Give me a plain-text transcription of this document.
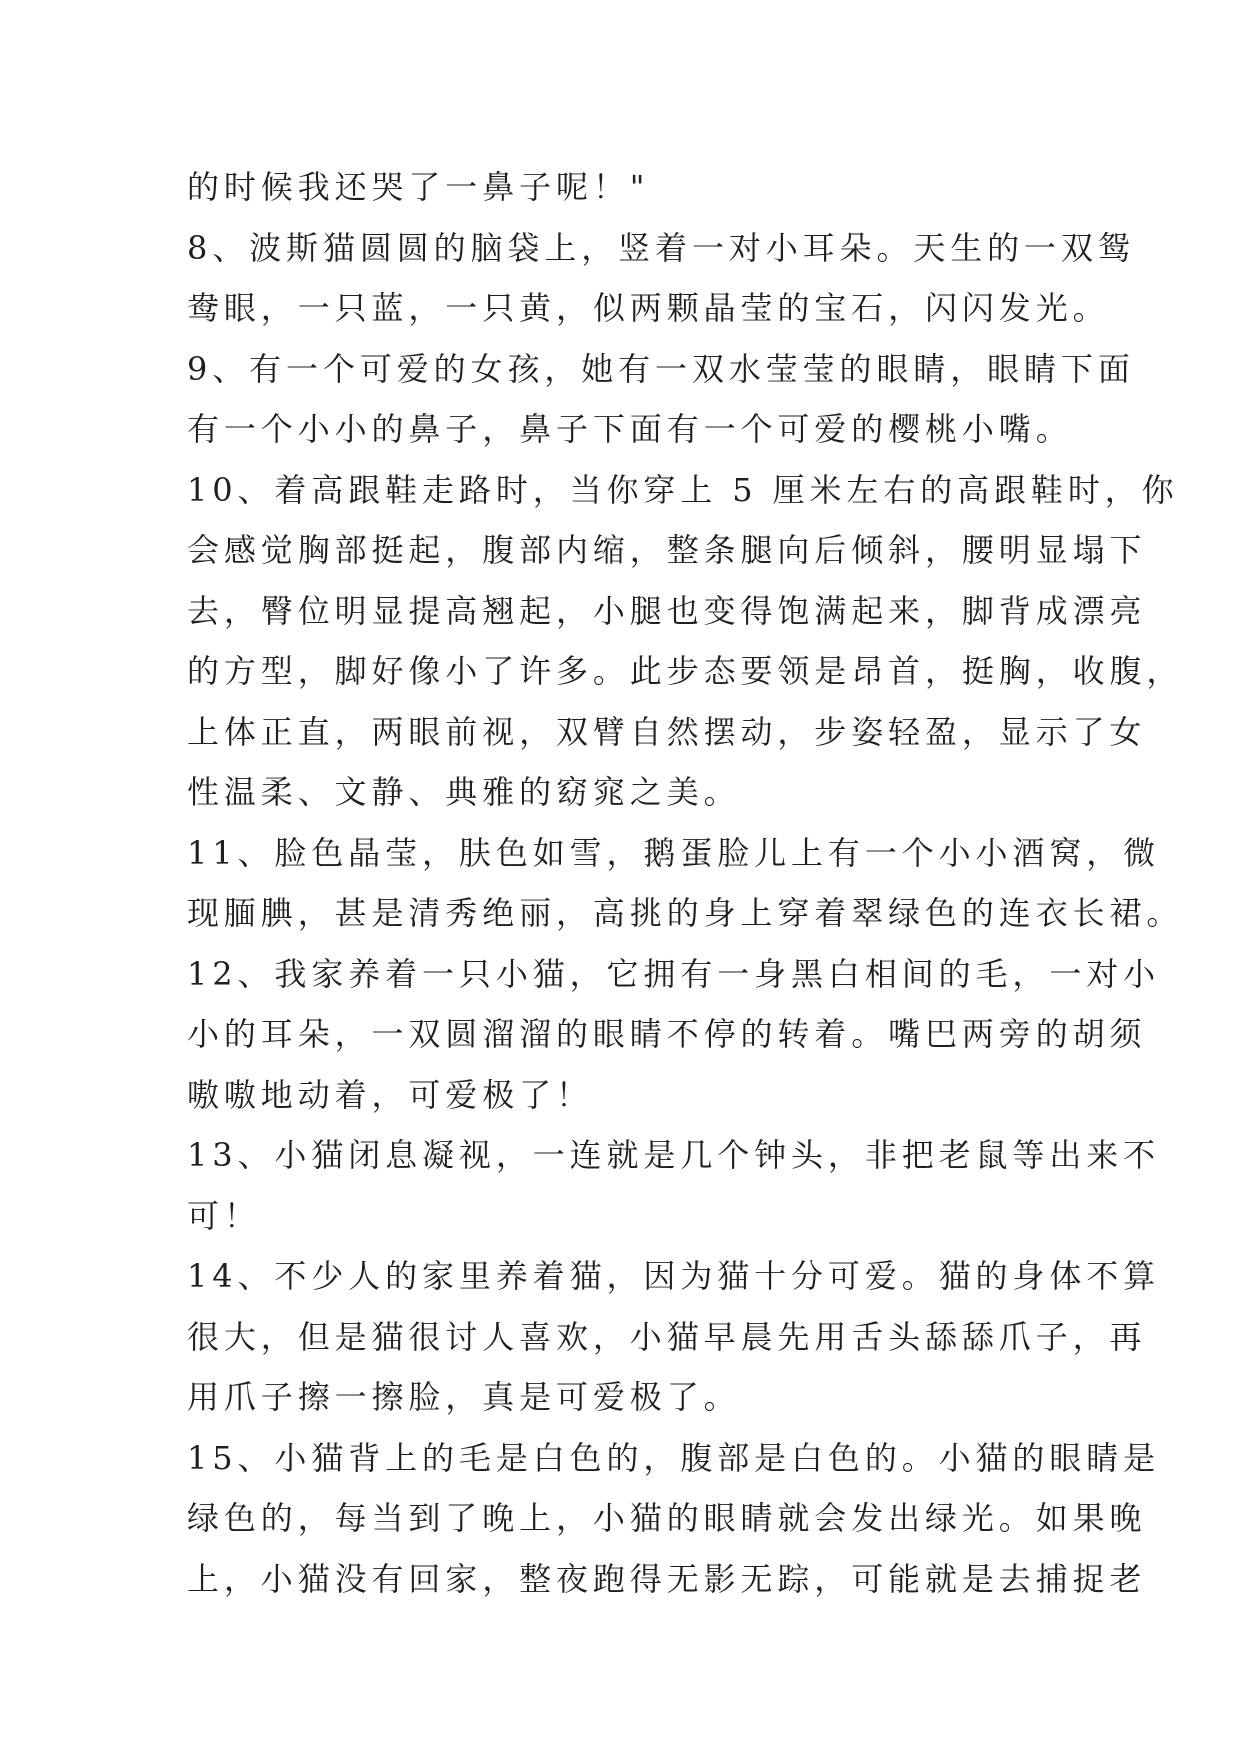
的时候我还哭了一鼻子呢！"
8、波斯猫圆圆的脑袋上，竖着一对小耳朵。天生的一双鸳
鸯眼，一只蓝，一只黄，似两颗晶莹的宝石，闪闪发光。
9、有一个可爱的女孩，她有一双水莹莹的眼睛，眼睛下面
有一个小小的鼻子，鼻子下面有一个可爱的樱桃小嘴。
10、着高跟鞋走路时，当你穿上 5 厘米左右的高跟鞋时，你
会感觉胸部挺起，腹部内缩，整条腿向后倾斜，腰明显塌下
去，臀位明显提高翘起，小腿也变得饱满起来，脚背成漂亮
的方型，脚好像小了许多。此步态要领是昂首，挺胸，收腹，
上体正直，两眼前视，双臂自然摆动，步姿轻盈，显示了女
性温柔、文静、典雅的窈窕之美。
11、脸色晶莹，肤色如雪，鹅蛋脸儿上有一个小小酒窝，微
现腼腆，甚是清秀绝丽，高挑的身上穿着翠绿色的连衣长裙。
12、我家养着一只小猫，它拥有一身黑白相间的毛，一对小
小的耳朵，一双圆溜溜的眼睛不停的转着。嘴巴两旁的胡须
嗷嗷地动着，可爱极了！
13、小猫闭息凝视，一连就是几个钟头，非把老鼠等出来不
可！
14、不少人的家里养着猫，因为猫十分可爱。猫的身体不算
很大，但是猫很讨人喜欢，小猫早晨先用舌头舔舔爪子，再
用爪子擦一擦脸，真是可爱极了。
15、小猫背上的毛是白色的，腹部是白色的。小猫的眼睛是
绿色的，每当到了晚上，小猫的眼睛就会发出绿光。如果晚
上，小猫没有回家，整夜跑得无影无踪，可能就是去捕捉老
